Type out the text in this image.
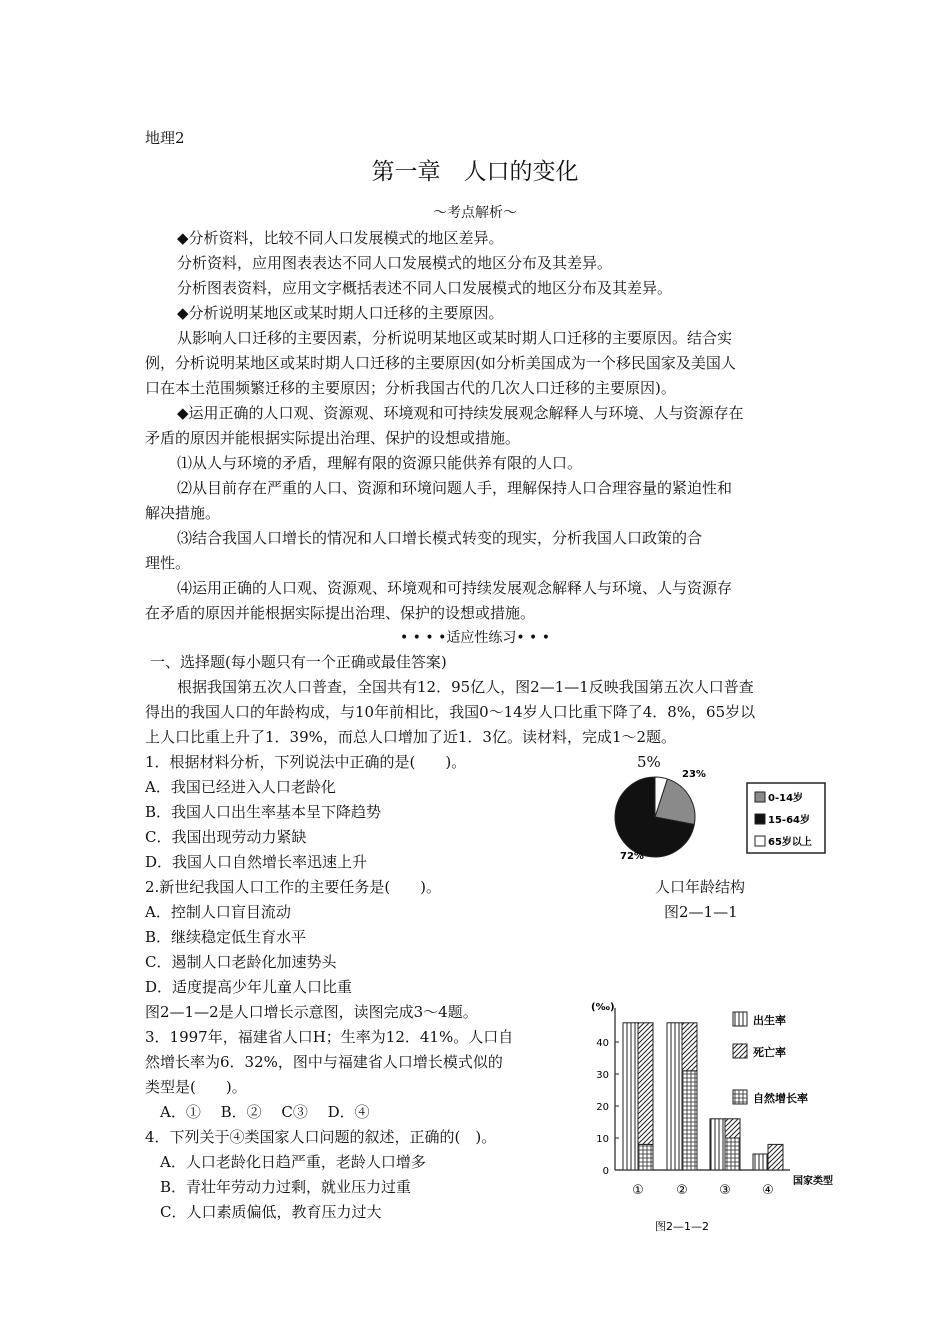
地理2
第一章　人口的变化
～考点解析～
◆分析资料，比较不同人口发展模式的地区差异。
分析资料，应用图表表达不同人口发展模式的地区分布及其差异。
分析图表资料，应用文字概括表述不同人口发展模式的地区分布及其差异。
◆分析说明某地区或某时期人口迁移的主要原因。
从影响人口迁移的主要因素，分析说明某地区或某时期人口迁移的主要原因。结合实
例，分析说明某地区或某时期人口迁移的主要原因(如分析美国成为一个移民国家及美国人
口在本土范围频繁迁移的主要原因；分析我国古代的几次人口迁移的主要原因)。
◆运用正确的人口观、资源观、环境观和可持续发展观念解释人与环境、人与资源存在
矛盾的原因并能根据实际提出治理、保护的设想或措施。
⑴从人与环境的矛盾，理解有限的资源只能供养有限的人口。
⑵从目前存在严重的人口、资源和环境问题人手，理解保持人口合理容量的紧迫性和
解决措施。
⑶结合我国人口增长的情况和人口增长模式转变的现实，分析我国人口政策的合
理性。
⑷运用正确的人口观、资源观、环境观和可持续发展观念解释人与环境、人与资源存
在矛盾的原因并能根据实际提出治理、保护的设想或措施。
• • • •适应性练习• • •
一、选择题(每小题只有一个正确或最佳答案)
根据我国第五次人口普查，全国共有12．95亿人，图2—1—1反映我国第五次人口普查
得出的我国人口的年龄构成，与10年前相比，我国0～14岁人口比重下降了4．8%，65岁以
上人口比重上升了1．39%，而总人口增加了近1．3亿。读材料，完成1～2题。
1．根据材料分析，下列说法中正确的是(　　)。
A．我国已经进入人口老龄化
B．我国人口出生率基本呈下降趋势
C．我国出现劳动力紧缺
D．我国人口自然增长率迅速上升
2.新世纪我国人口工作的主要任务是(　　)。
A．控制人口盲目流动
B．继续稳定低生育水平
C．遏制人口老龄化加速势头
D．适度提高少年儿童人口比重
图2—1—2是人口增长示意图，读图完成3～4题。
3．1997年，福建省人口H；生率为12．41%。人口自
然增长率为6．32%，图中与福建省人口增长模式似的
类型是(　　)。
A．①　 B．②　 C③　 D．④
4．下列关于④类国家人口问题的叙述，正确的(　)。
A．人口老龄化日趋严重，老龄人口增多
B．青壮年劳动力过剩，就业压力过重
C．人口素质偏低，教育压力过大
5%
23%
72%
0-14岁
15-64岁
65岁以上
人口年龄结构
图2—1—1
(‰)
0
10
20
30
40
① ② ③ ④
国家类型
出生率
死亡率
自然增长率
图2—1—2
